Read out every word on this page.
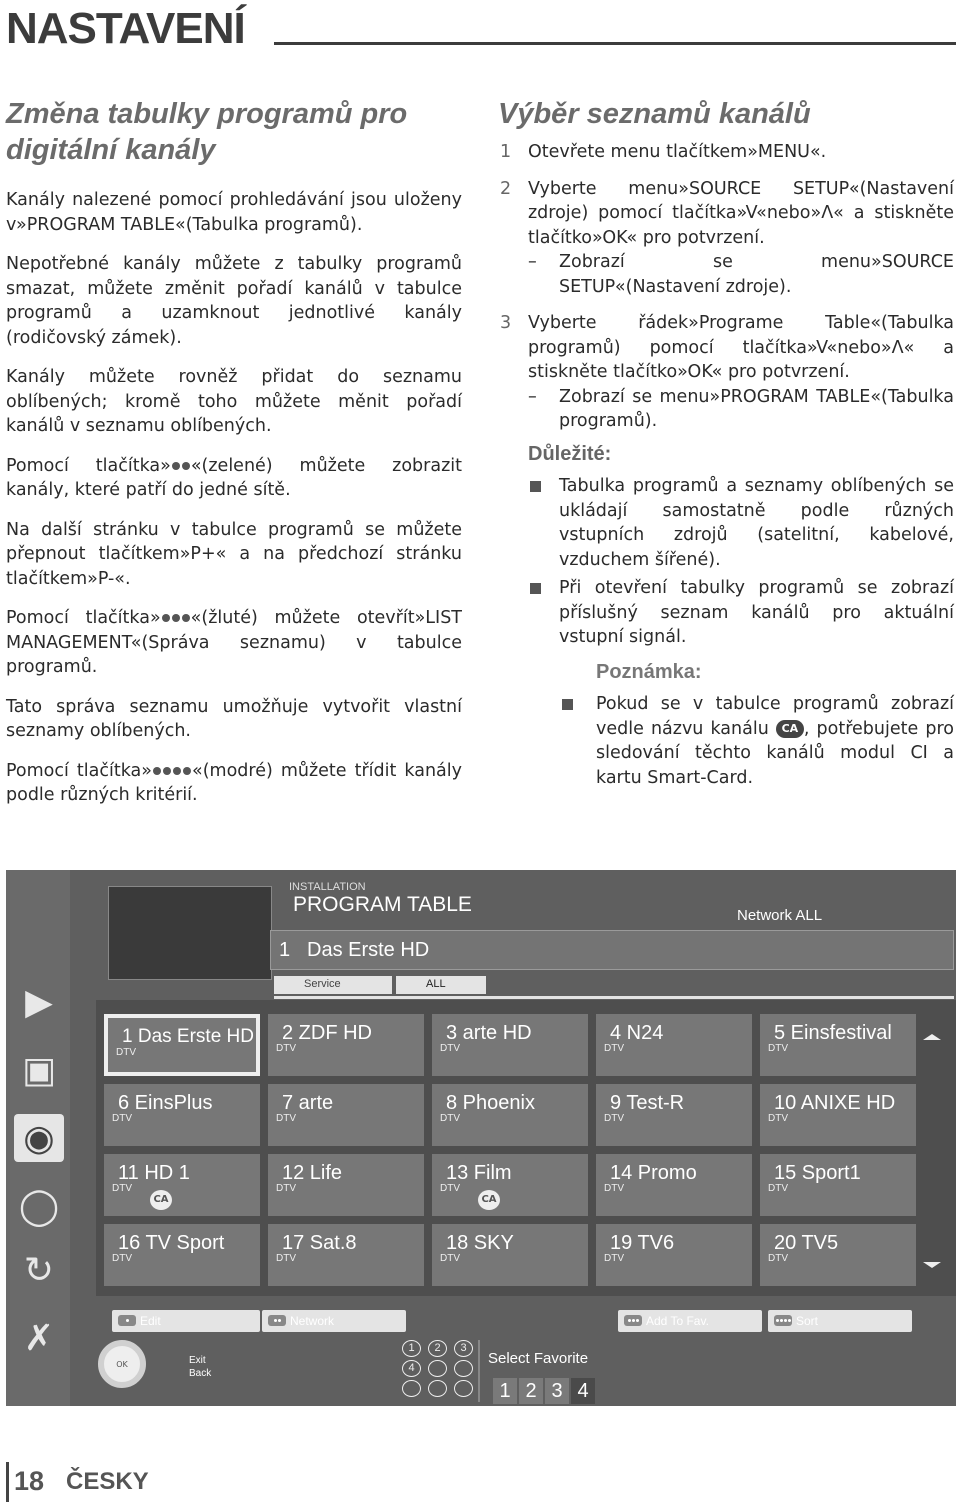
NASTAVENÍ
Změna tabulky programů pro digitální kanály

Kanály nalezené pomocí prohledávání jsou uloženy v»PROGRAM TABLE«(Tabulka programů).

Nepotřebné kanály můžete z tabulky programů smazat, můžete změnit pořadí kanálů v tabulce programů a uzamknout jednotlivé kanály (rodičovský zámek).

Kanály můžete rovněž přidat do seznamu oblíbených; kromě toho můžete měnit pořadí kanálů v seznamu oblíbených.

Pomocí tlačítka» «(zelené) můžete zobrazit kanály, které patří do jedné sítě.

Na další stránku v tabulce programů se můžete přepnout tlačítkem»P+« a na předchozí stránku tlačítkem»P-«.

Pomocí tlačítka» «(žluté) můžete otevřít»LIST MANAGEMENT«(Správa seznamu) v tabulce programů.

Tato správa seznamu umožňuje vytvořit vlastní seznamy oblíbených.

Pomocí tlačítka» «(modré) můžete třídit kanály podle různých kritérií.

Výběr seznamů kanálů
1 Otevřete menu tlačítkem»MENU«.
2 Vyberte menu»SOURCE SETUP«(Nastavení zdroje) pomocí tlačítka»V«nebo»Λ« a stiskněte tlačítko»OK« pro potvrzení.
– Zobrazí se menu»SOURCE SETUP«(Nastavení zdroje).
3 Vyberte řádek»Programe Table«(Tabulka programů) pomocí tlačítka»V«nebo»Λ« a stiskněte tlačítko»OK« pro potvrzení.
– Zobrazí se menu»PROGRAM TABLE«(Tabulka programů).
Důležité:
Tabulka programů a seznamy oblíbených se ukládají samostatně podle různých vstupních zdrojů (satelitní, kabelové, vzduchem šířené).
Při otevření tabulky programů se zobrazí příslušný seznam kanálů pro aktuální vstupní signál.
Poznámka:
Pokud se v tabulce programů zobrazí vedle názvu kanálu CA , potřebujete pro sledování těchto kanálů modul CI a kartu Smart-Card.
▶
▣
◉
◯
↻
✗
INSTALLATION
PROGRAM TABLE	Network ALL
1 Das Erste HD
Service	ALL
1 Das Erste HD
DTV
2 ZDF HD
DTV
3 arte HD
DTV
4 N24
DTV
5 Einsfestival
DTV
6 EinsPlus
DTV
7 arte
DTV
8 Phoenix
DTV
9 Test-R
DTV
10 ANIXE HD
DTV
11 HD 1
DTV
CA
12 Life
DTV
13 Film
DTV
CA
14 Promo
DTV
15 Sport1
DTV
16 TV Sport
DTV
17 Sat.8
DTV
18 SKY
DTV
19 TV6
DTV
20 TV5
DTV
Edit	Network	Add To Fav.	Sort
OK	Exit
Back
1	2	3
4
Select Favorite
1 2 3 4
18 ČESKY
